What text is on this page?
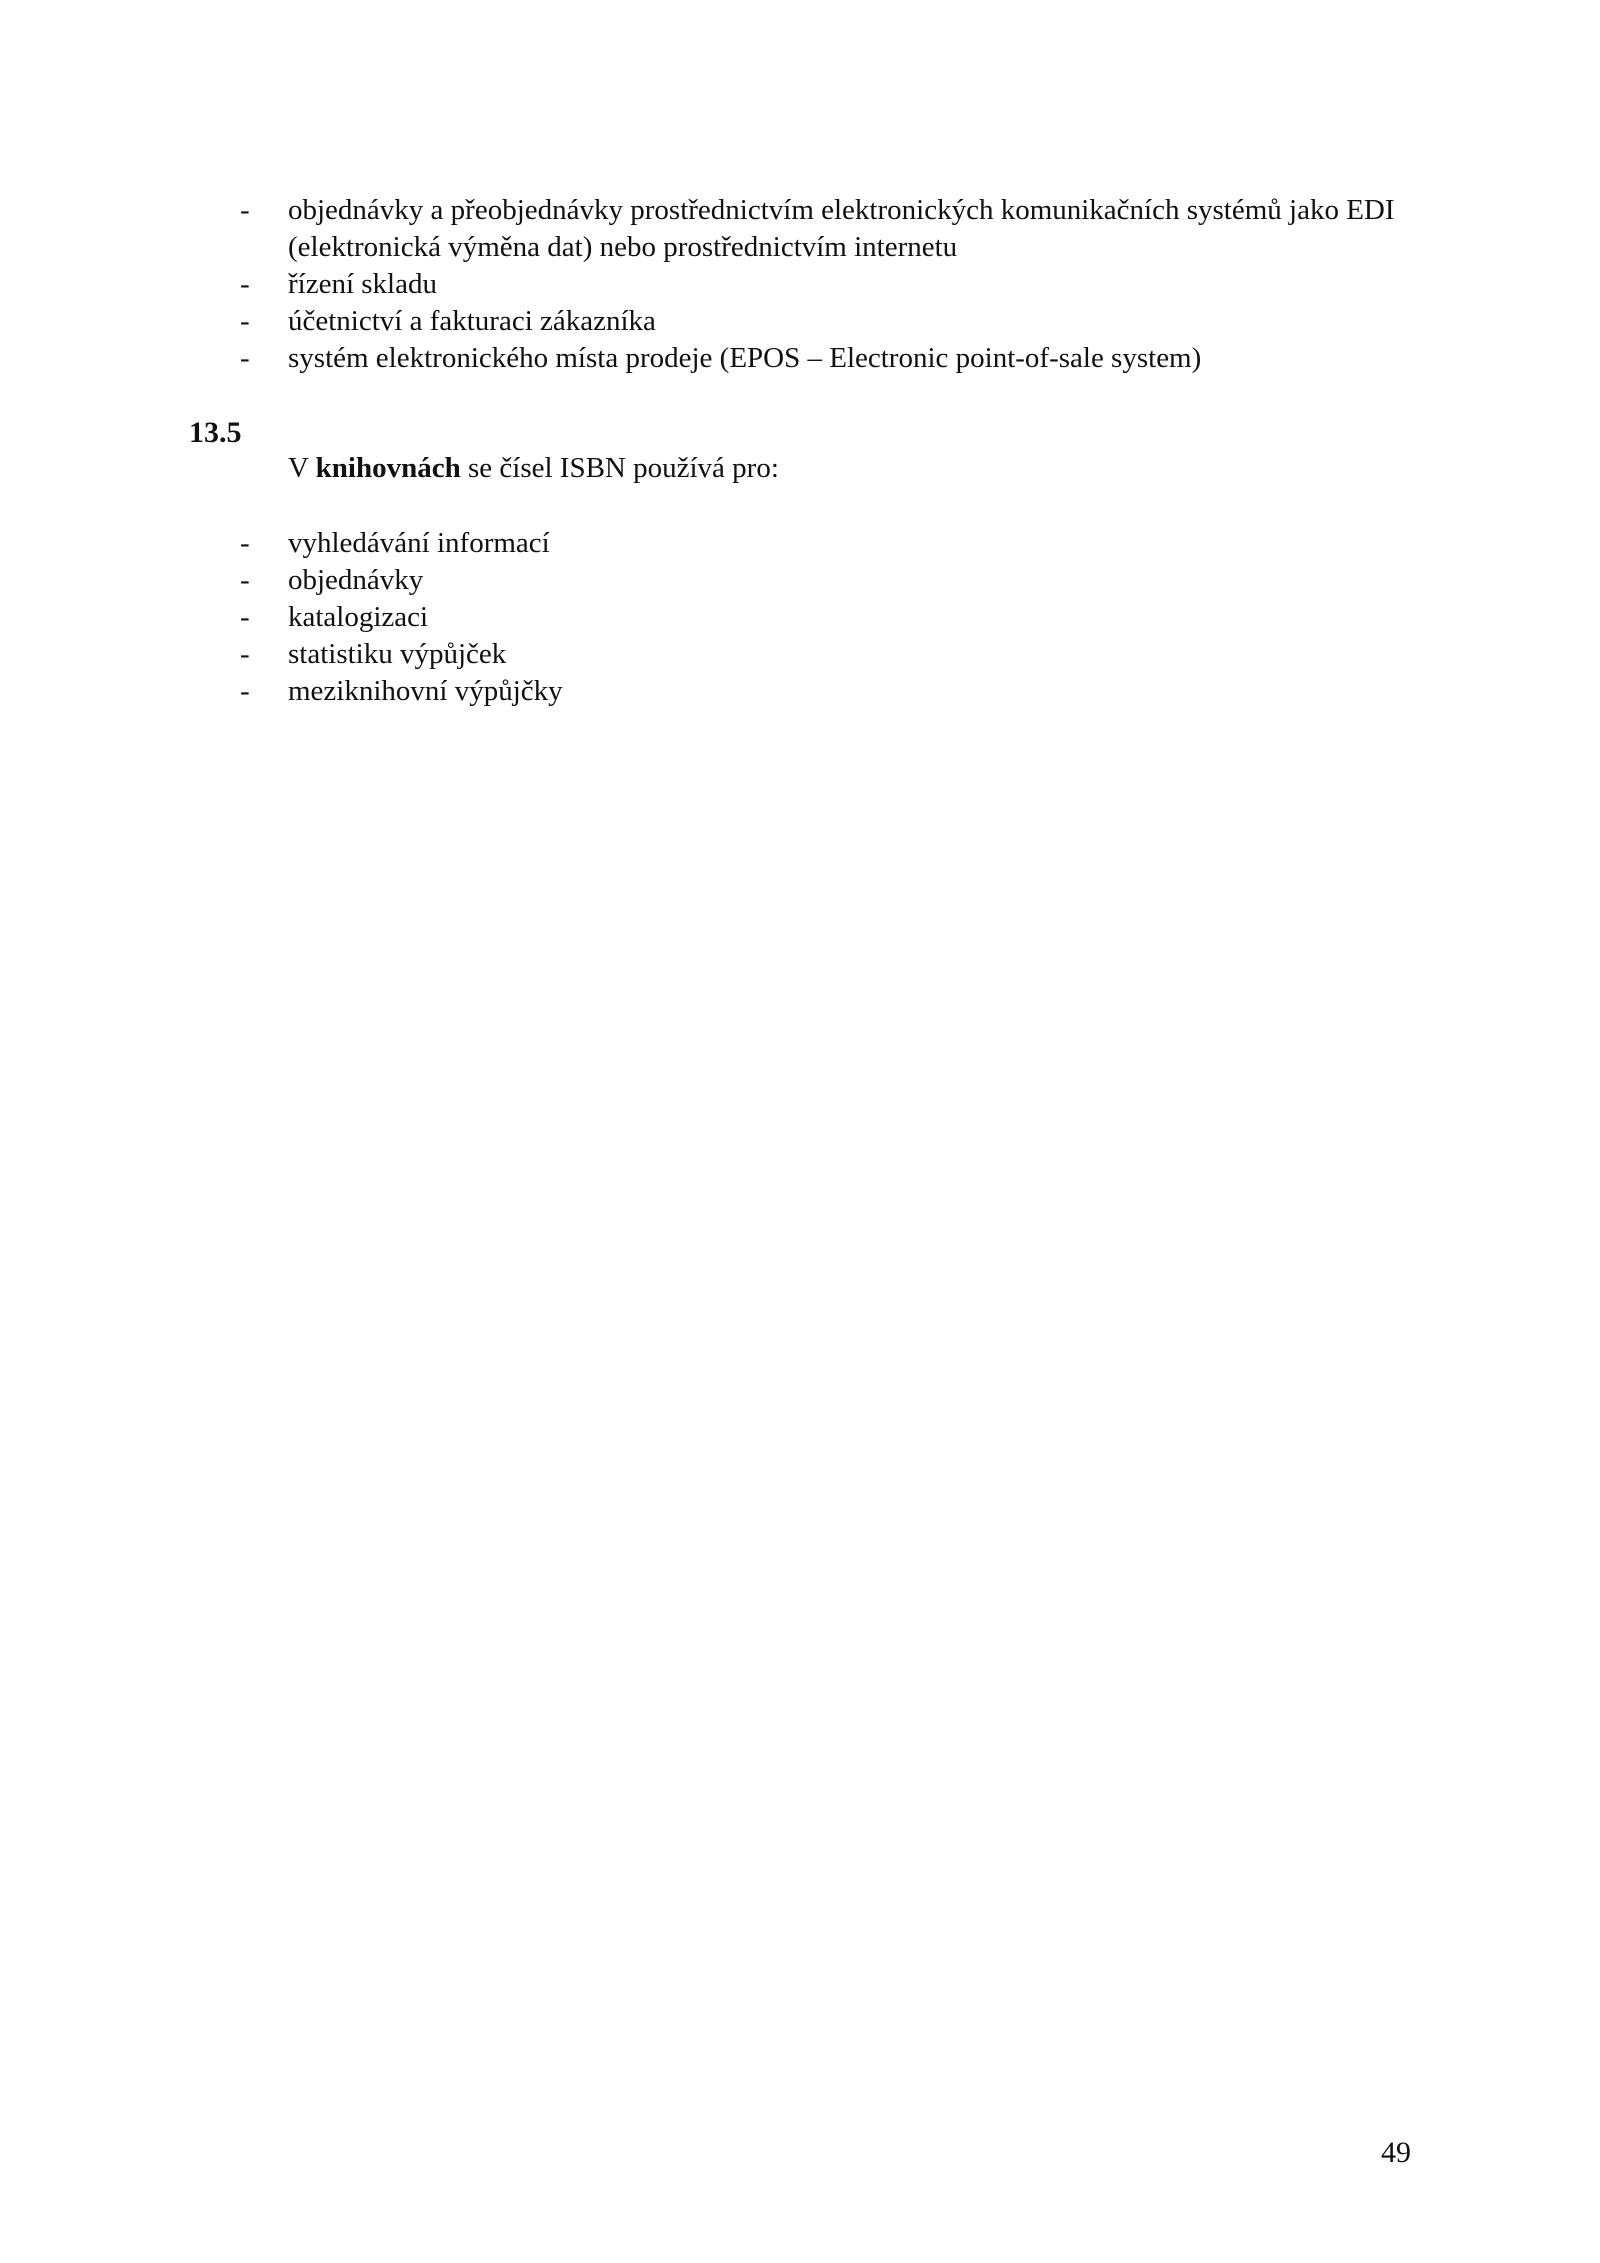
- objednávky a přeobjednávky prostřednictvím elektronických komunikačních systémů jako EDI (elektronická výměna dat) nebo prostřednictvím internetu
- řízení skladu
- účetnictví a fakturaci zákazníka
- systém elektronického místa prodeje (EPOS – Electronic point-of-sale system)
13.5
V knihovnách se čísel ISBN používá pro:
- vyhledávání informací
- objednávky
- katalogizaci
- statistiku výpůjček
- meziknihovní výpůjčky
49
